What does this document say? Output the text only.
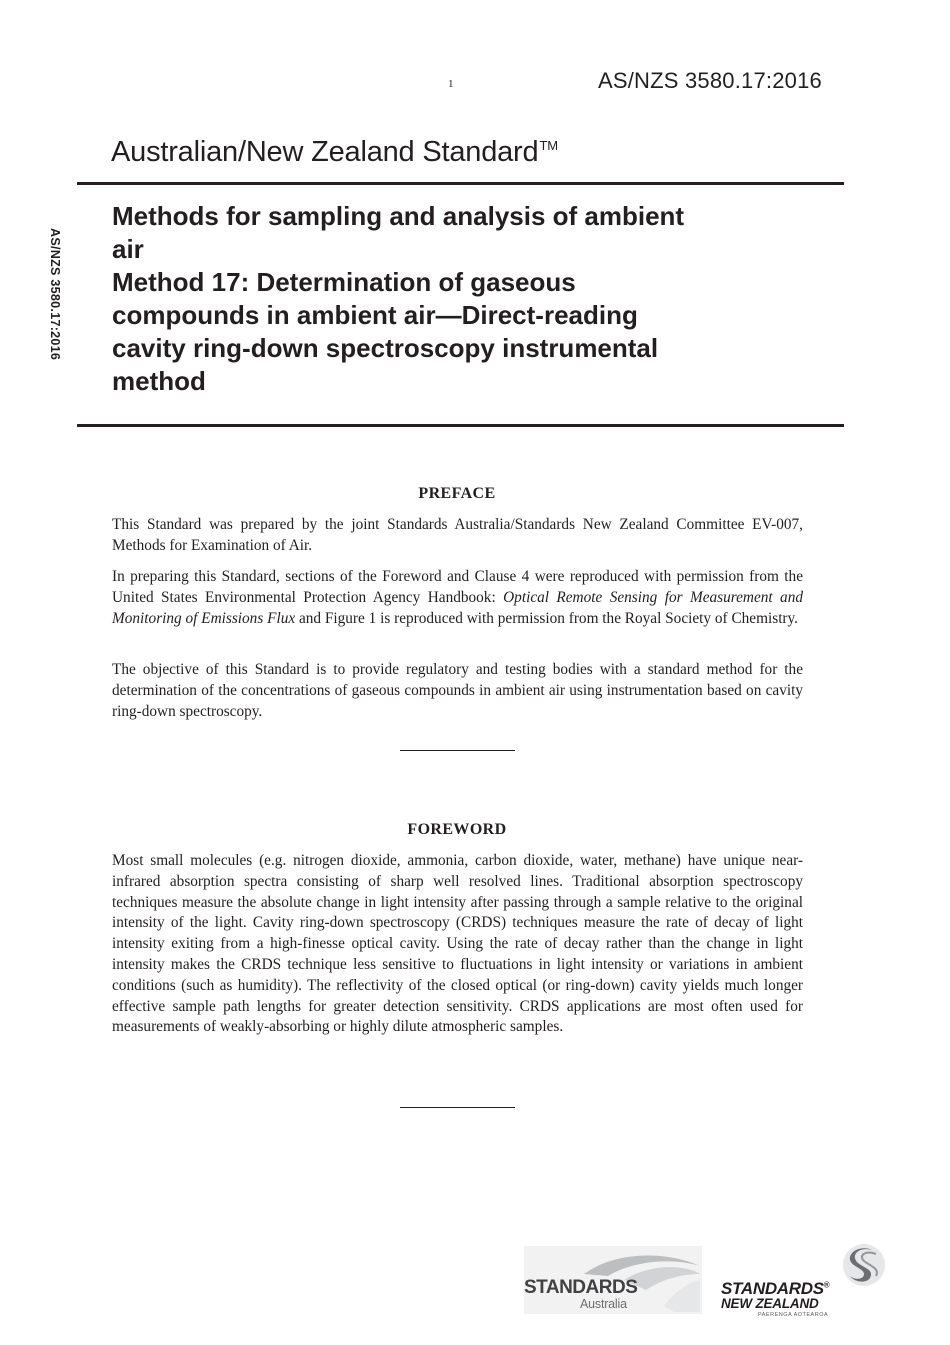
1	AS/NZS 3580.17:2016
AS/NZS 3580.17:2016
Australian/New Zealand Standard™
Methods for sampling and analysis of ambient
air
Method 17: Determination of gaseous
compounds in ambient air—Direct-reading
cavity ring-down spectroscopy instrumental
method
PREFACE

This Standard was prepared by the joint Standards Australia/Standards New Zealand Committee EV-007, Methods for Examination of Air.

In preparing this Standard, sections of the Foreword and Clause 4 were reproduced with permission from the United States Environmental Protection Agency Handbook: Optical Remote Sensing for Measurement and Monitoring of Emissions Flux and Figure 1 is reproduced with permission from the Royal Society of Chemistry.

The objective of this Standard is to provide regulatory and testing bodies with a standard method for the determination of the concentrations of gaseous compounds in ambient air using instrumentation based on cavity ring-down spectroscopy.

FOREWORD

Most small molecules (e.g. nitrogen dioxide, ammonia, carbon dioxide, water, methane) have unique near-infrared absorption spectra consisting of sharp well resolved lines. Traditional absorption spectroscopy techniques measure the absolute change in light intensity after passing through a sample relative to the original intensity of the light. Cavity ring-down spectroscopy (CRDS) techniques measure the rate of decay of light intensity exiting from a high-finesse optical cavity. Using the rate of decay rather than the change in light intensity makes the CRDS technique less sensitive to fluctuations in light intensity or variations in ambient conditions (such as humidity). The reflectivity of the closed optical (or ring-down) cavity yields much longer effective sample path lengths for greater detection sensitivity. CRDS applications are most often used for measurements of weakly-absorbing or highly dilute atmospheric samples.

STANDARDS
Australia
STANDARDS®
NEW ZEALAND
PAERENGA AOTEAROA
